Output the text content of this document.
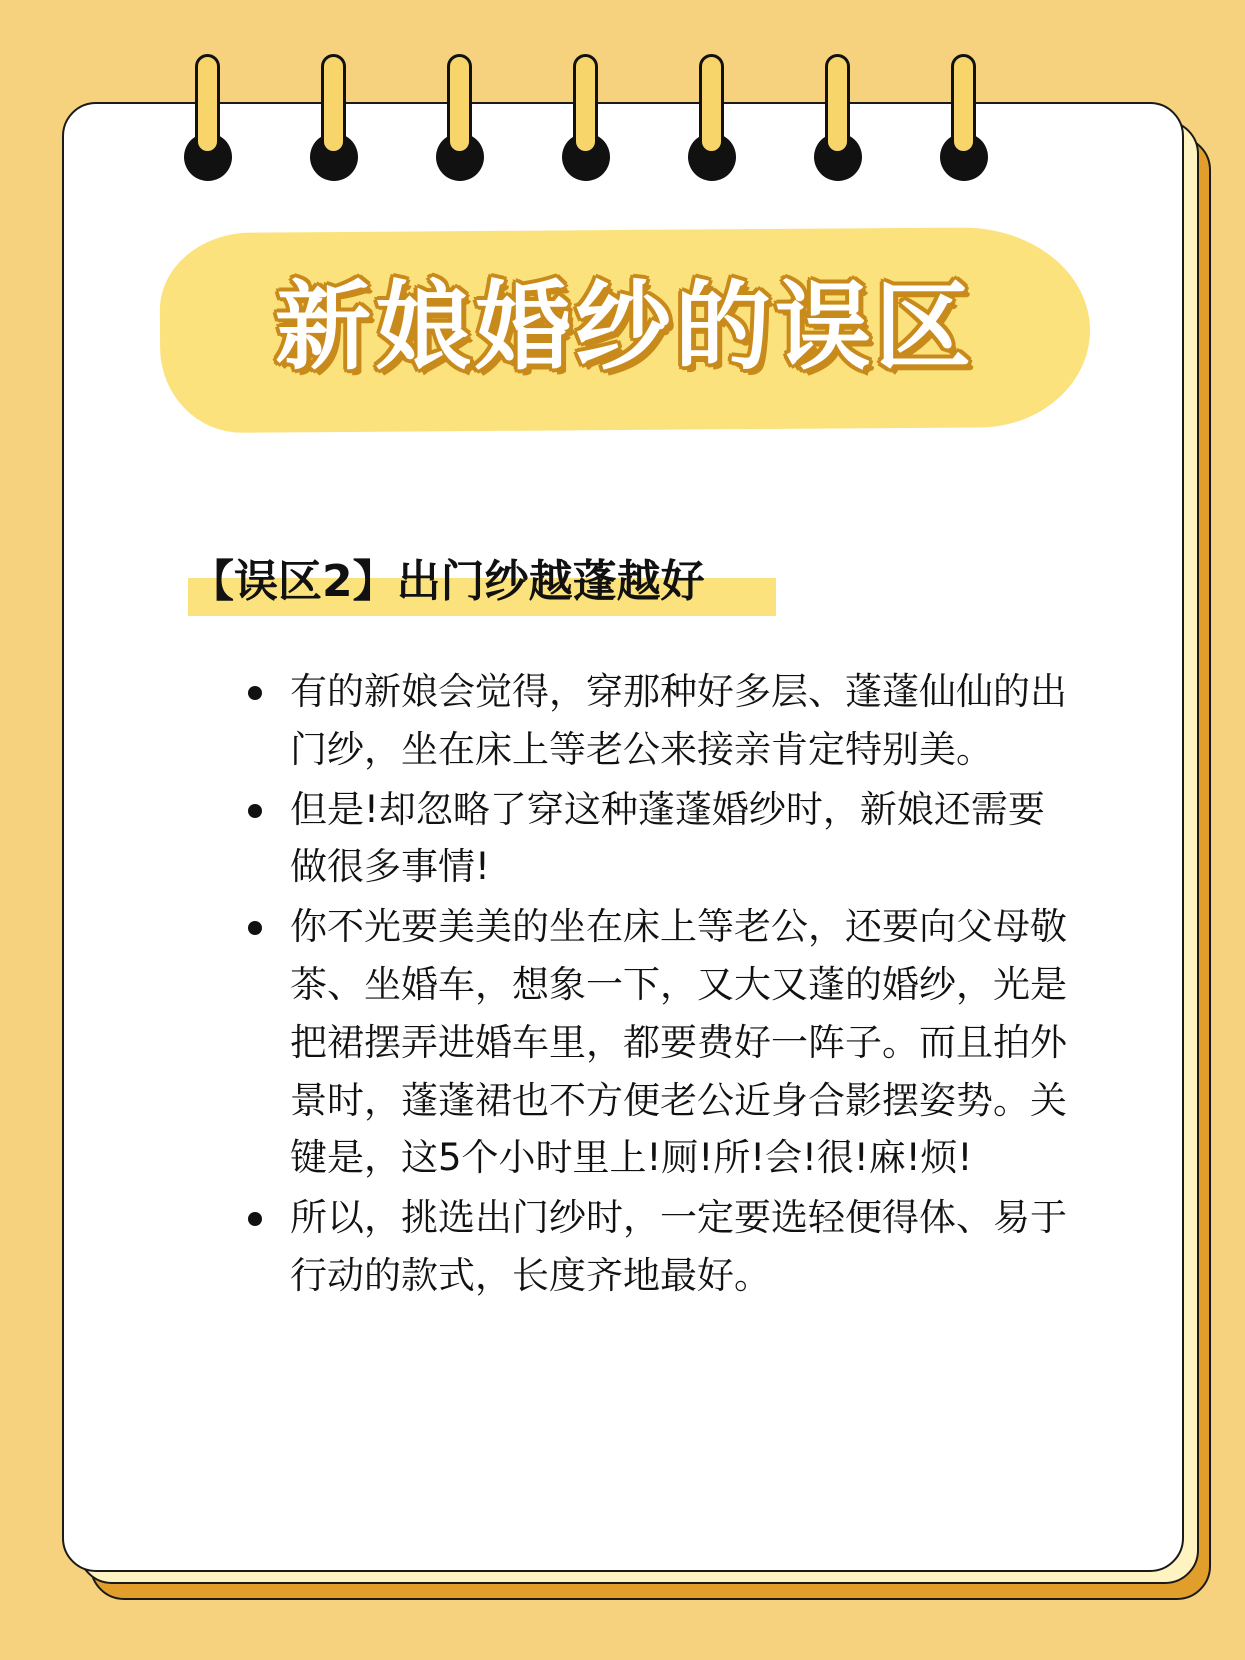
新娘婚纱的误区
【误区2】出门纱越蓬越好
有的新娘会觉得，穿那种好多层、蓬蓬仙仙的出门纱，坐在床上等老公来接亲肯定特别美。
但是!却忽略了穿这种蓬蓬婚纱时，新娘还需要做很多事情!
你不光要美美的坐在床上等老公，还要向父母敬茶、坐婚车，想象一下，又大又蓬的婚纱，光是把裙摆弄进婚车里，都要费好一阵子。而且拍外景时，蓬蓬裙也不方便老公近身合影摆姿势。关键是，这5个小时里上!厕!所!会!很!麻!烦!
所以，挑选出门纱时，一定要选轻便得体、易于行动的款式，长度齐地最好。
